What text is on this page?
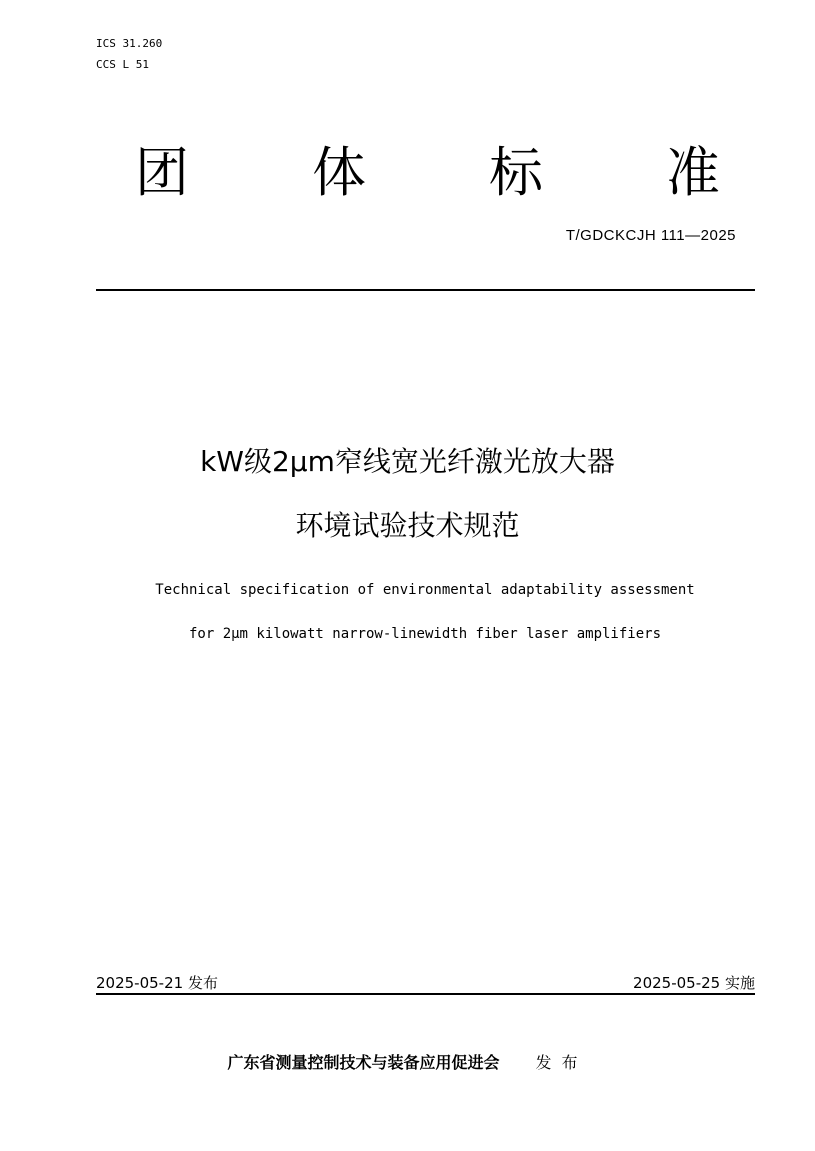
ICS 31.260
CCS L 51
团 体 标 准
T/GDCKCJH 111—2025
kW级2μm窄线宽光纤激光放大器
环境试验技术规范
Technical specification of environmental adaptability assessment
for 2μm kilowatt narrow-linewidth fiber laser amplifiers
2025-05-21 发布	2025-05-25 实施
广东省测量控制技术与装备应用促进会 发布
